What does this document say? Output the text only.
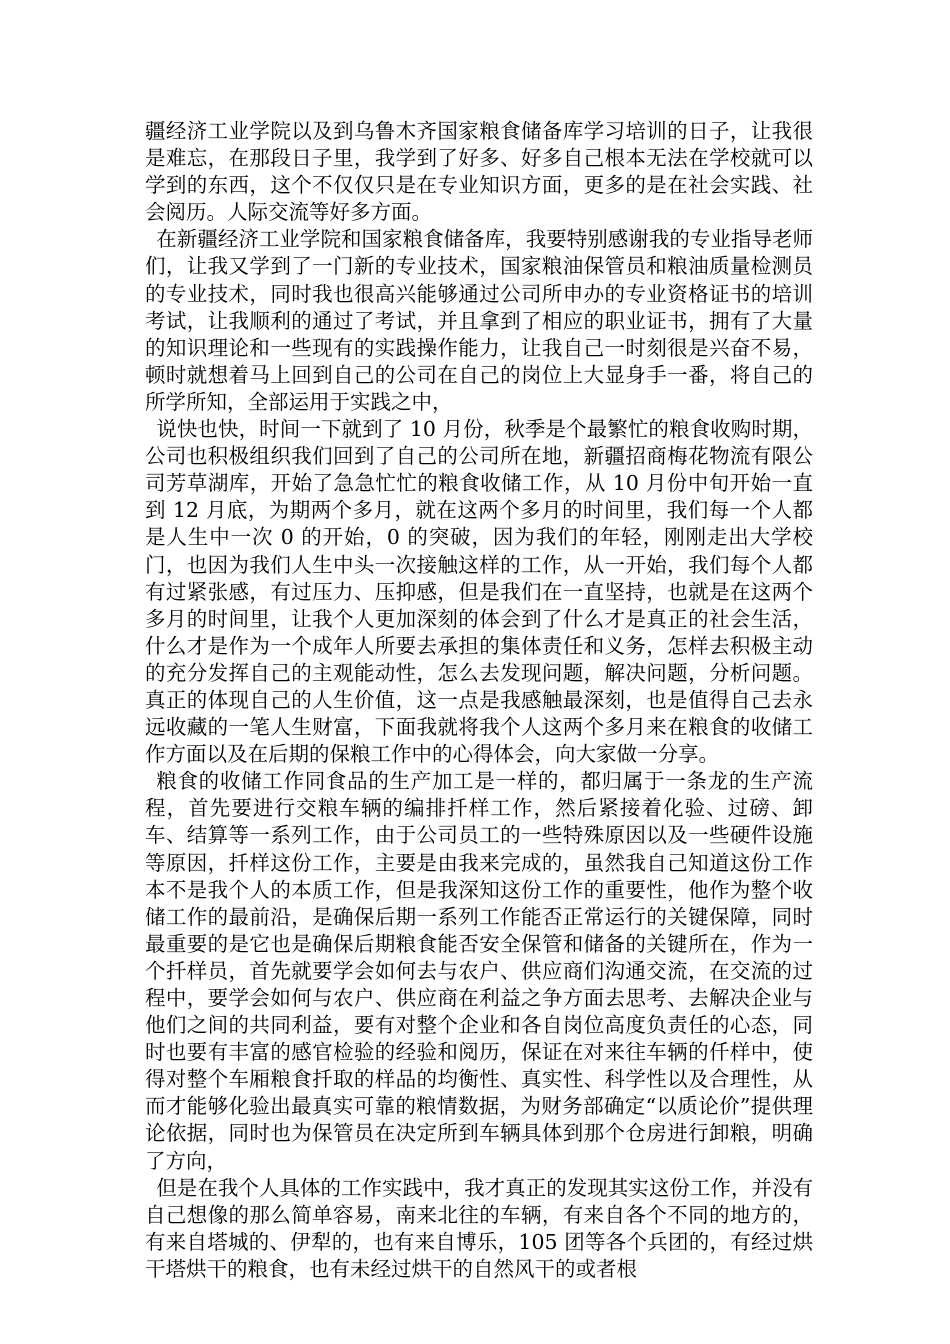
疆经济工业学院以及到乌鲁木齐国家粮食储备库学习培训的日子，让我很是难忘，在那段日子里，我学到了好多、好多自己根本无法在学校就可以学到的东西，这个不仅仅只是在专业知识方面，更多的是在社会实践、社会阅历。人际交流等好多方面。

在新疆经济工业学院和国家粮食储备库，我要特别感谢我的专业指导老师们，让我又学到了一门新的专业技术，国家粮油保管员和粮油质量检测员的专业技术，同时我也很高兴能够通过公司所申办的专业资格证书的培训考试，让我顺利的通过了考试，并且拿到了相应的职业证书，拥有了大量的知识理论和一些现有的实践操作能力，让我自己一时刻很是兴奋不易，顿时就想着马上回到自己的公司在自己的岗位上大显身手一番，将自己的所学所知，全部运用于实践之中，

说快也快，时间一下就到了 10 月份，秋季是个最繁忙的粮食收购时期，公司也积极组织我们回到了自己的公司所在地，新疆招商梅花物流有限公司芳草湖库，开始了急急忙忙的粮食收储工作，从 10 月份中旬开始一直到 12 月底，为期两个多月，就在这两个多月的时间里，我们每一个人都是人生中一次 0 的开始，0 的突破，因为我们的年轻，刚刚走出大学校门，也因为我们人生中头一次接触这样的工作，从一开始，我们每个人都有过紧张感，有过压力、压抑感，但是我们在一直坚持，也就是在这两个多月的时间里，让我个人更加深刻的体会到了什么才是真正的社会生活，什么才是作为一个成年人所要去承担的集体责任和义务，怎样去积极主动的充分发挥自己的主观能动性，怎么去发现问题，解决问题，分析问题。真正的体现自己的人生价值，这一点是我感触最深刻，也是值得自己去永远收藏的一笔人生财富，下面我就将我个人这两个多月来在粮食的收储工作方面以及在后期的保粮工作中的心得体会，向大家做一分享。

粮食的收储工作同食品的生产加工是一样的，都归属于一条龙的生产流程，首先要进行交粮车辆的编排扦样工作，然后紧接着化验、过磅、卸车、结算等一系列工作，由于公司员工的一些特殊原因以及一些硬件设施等原因，扦样这份工作，主要是由我来完成的，虽然我自己知道这份工作本不是我个人的本质工作，但是我深知这份工作的重要性，他作为整个收储工作的最前沿，是确保后期一系列工作能否正常运行的关键保障，同时最重要的是它也是确保后期粮食能否安全保管和储备的关键所在，作为一个扦样员，首先就要学会如何去与农户、供应商们沟通交流，在交流的过程中，要学会如何与农户、供应商在利益之争方面去思考、去解决企业与他们之间的共同利益，要有对整个企业和各自岗位高度负责任的心态，同时也要有丰富的感官检验的经验和阅历，保证在对来往车辆的仟样中，使得对整个车厢粮食扦取的样品的均衡性、真实性、科学性以及合理性，从而才能够化验出最真实可靠的粮情数据，为财务部确定“以质论价”提供理论依据，同时也为保管员在决定所到车辆具体到那个仓房进行卸粮，明确了方向，

但是在我个人具体的工作实践中，我才真正的发现其实这份工作，并没有自己想像的那么简单容易，南来北往的车辆，有来自各个不同的地方的，有来自塔城的、伊犁的，也有来自博乐，105 团等各个兵团的，有经过烘干塔烘干的粮食，也有未经过烘干的自然风干的或者根
